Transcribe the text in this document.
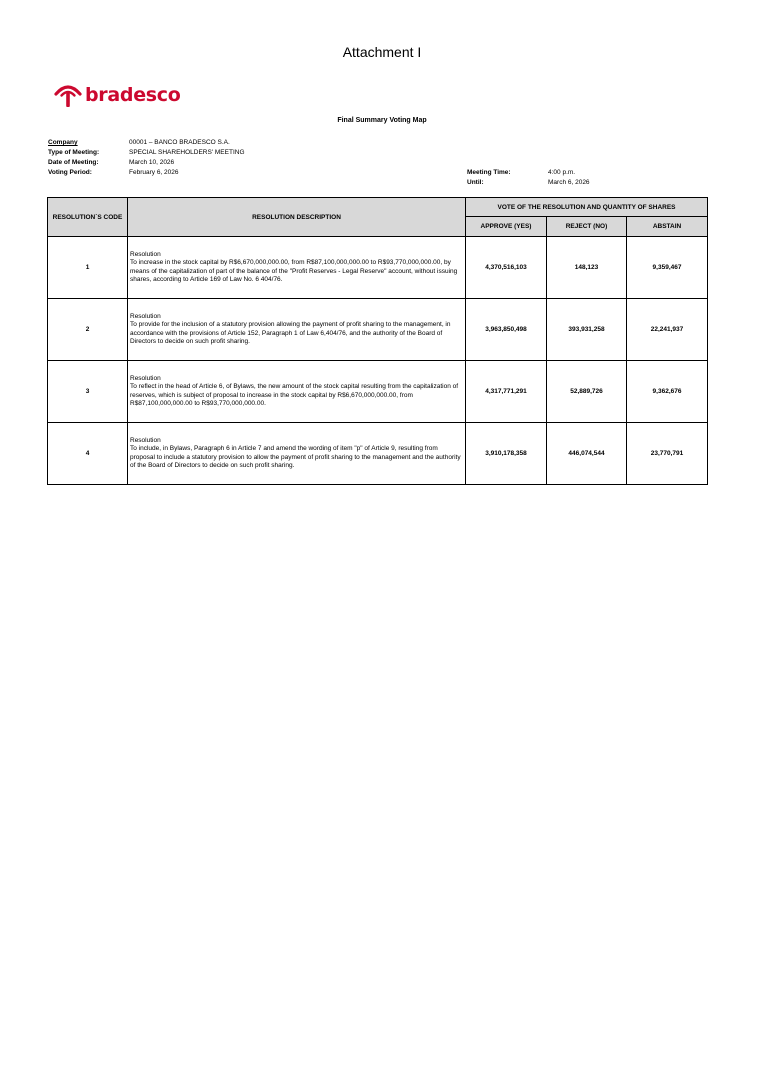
Attachment I
bradesco
Final Summary Voting Map
Company	00001 – BANCO BRADESCO S.A.
Type of Meeting:	SPECIAL SHAREHOLDERS' MEETING
Date of Meeting:	March 10, 2026
Voting Period:	February 6, 2026	Meeting Time:	4:00 p.m.
Until:	March 6, 2026
RESOLUTION´S CODE	RESOLUTION DESCRIPTION	VOTE OF THE RESOLUTION AND QUANTITY OF SHARES		
		APPROVE (YES)	REJECT (NO)	ABSTAIN
1	Resolution
To increase in the stock capital by R$6,670,000,000.00, from R$87,100,000,000.00 to R$93,770,000,000.00, by means of the capitalization of part of the balance of the "Profit Reserves - Legal Reserve" account, without issuing shares, according to Article 169 of Law No. 6 404/76.	4,370,516,103	148,123	9,359,467
2	Resolution
To provide for the inclusion of a statutory provision allowing the payment of profit sharing to the management, in accordance with the provisions of Article 152, Paragraph 1 of Law 6,404/76, and the authority of the Board of Directors to decide on such profit sharing.	3,963,850,498	393,931,258	22,241,937
3	Resolution
To reflect in the head of Article 6, of Bylaws, the new amount of the stock capital resulting from the capitalization of reserves, which is subject of proposal to increase in the stock capital by R$6,670,000,000.00, from R$87,100,000,000.00 to R$93,770,000,000.00.	4,317,771,291	52,889,726	9,362,676
4	Resolution
To include, in Bylaws, Paragraph 6 in Article 7 and amend the wording of item "p" of Article 9, resulting from proposal to include a statutory provision to allow the payment of profit sharing to the management and the authority of the Board of Directors to decide on such profit sharing.	3,910,178,358	446,074,544	23,770,791
